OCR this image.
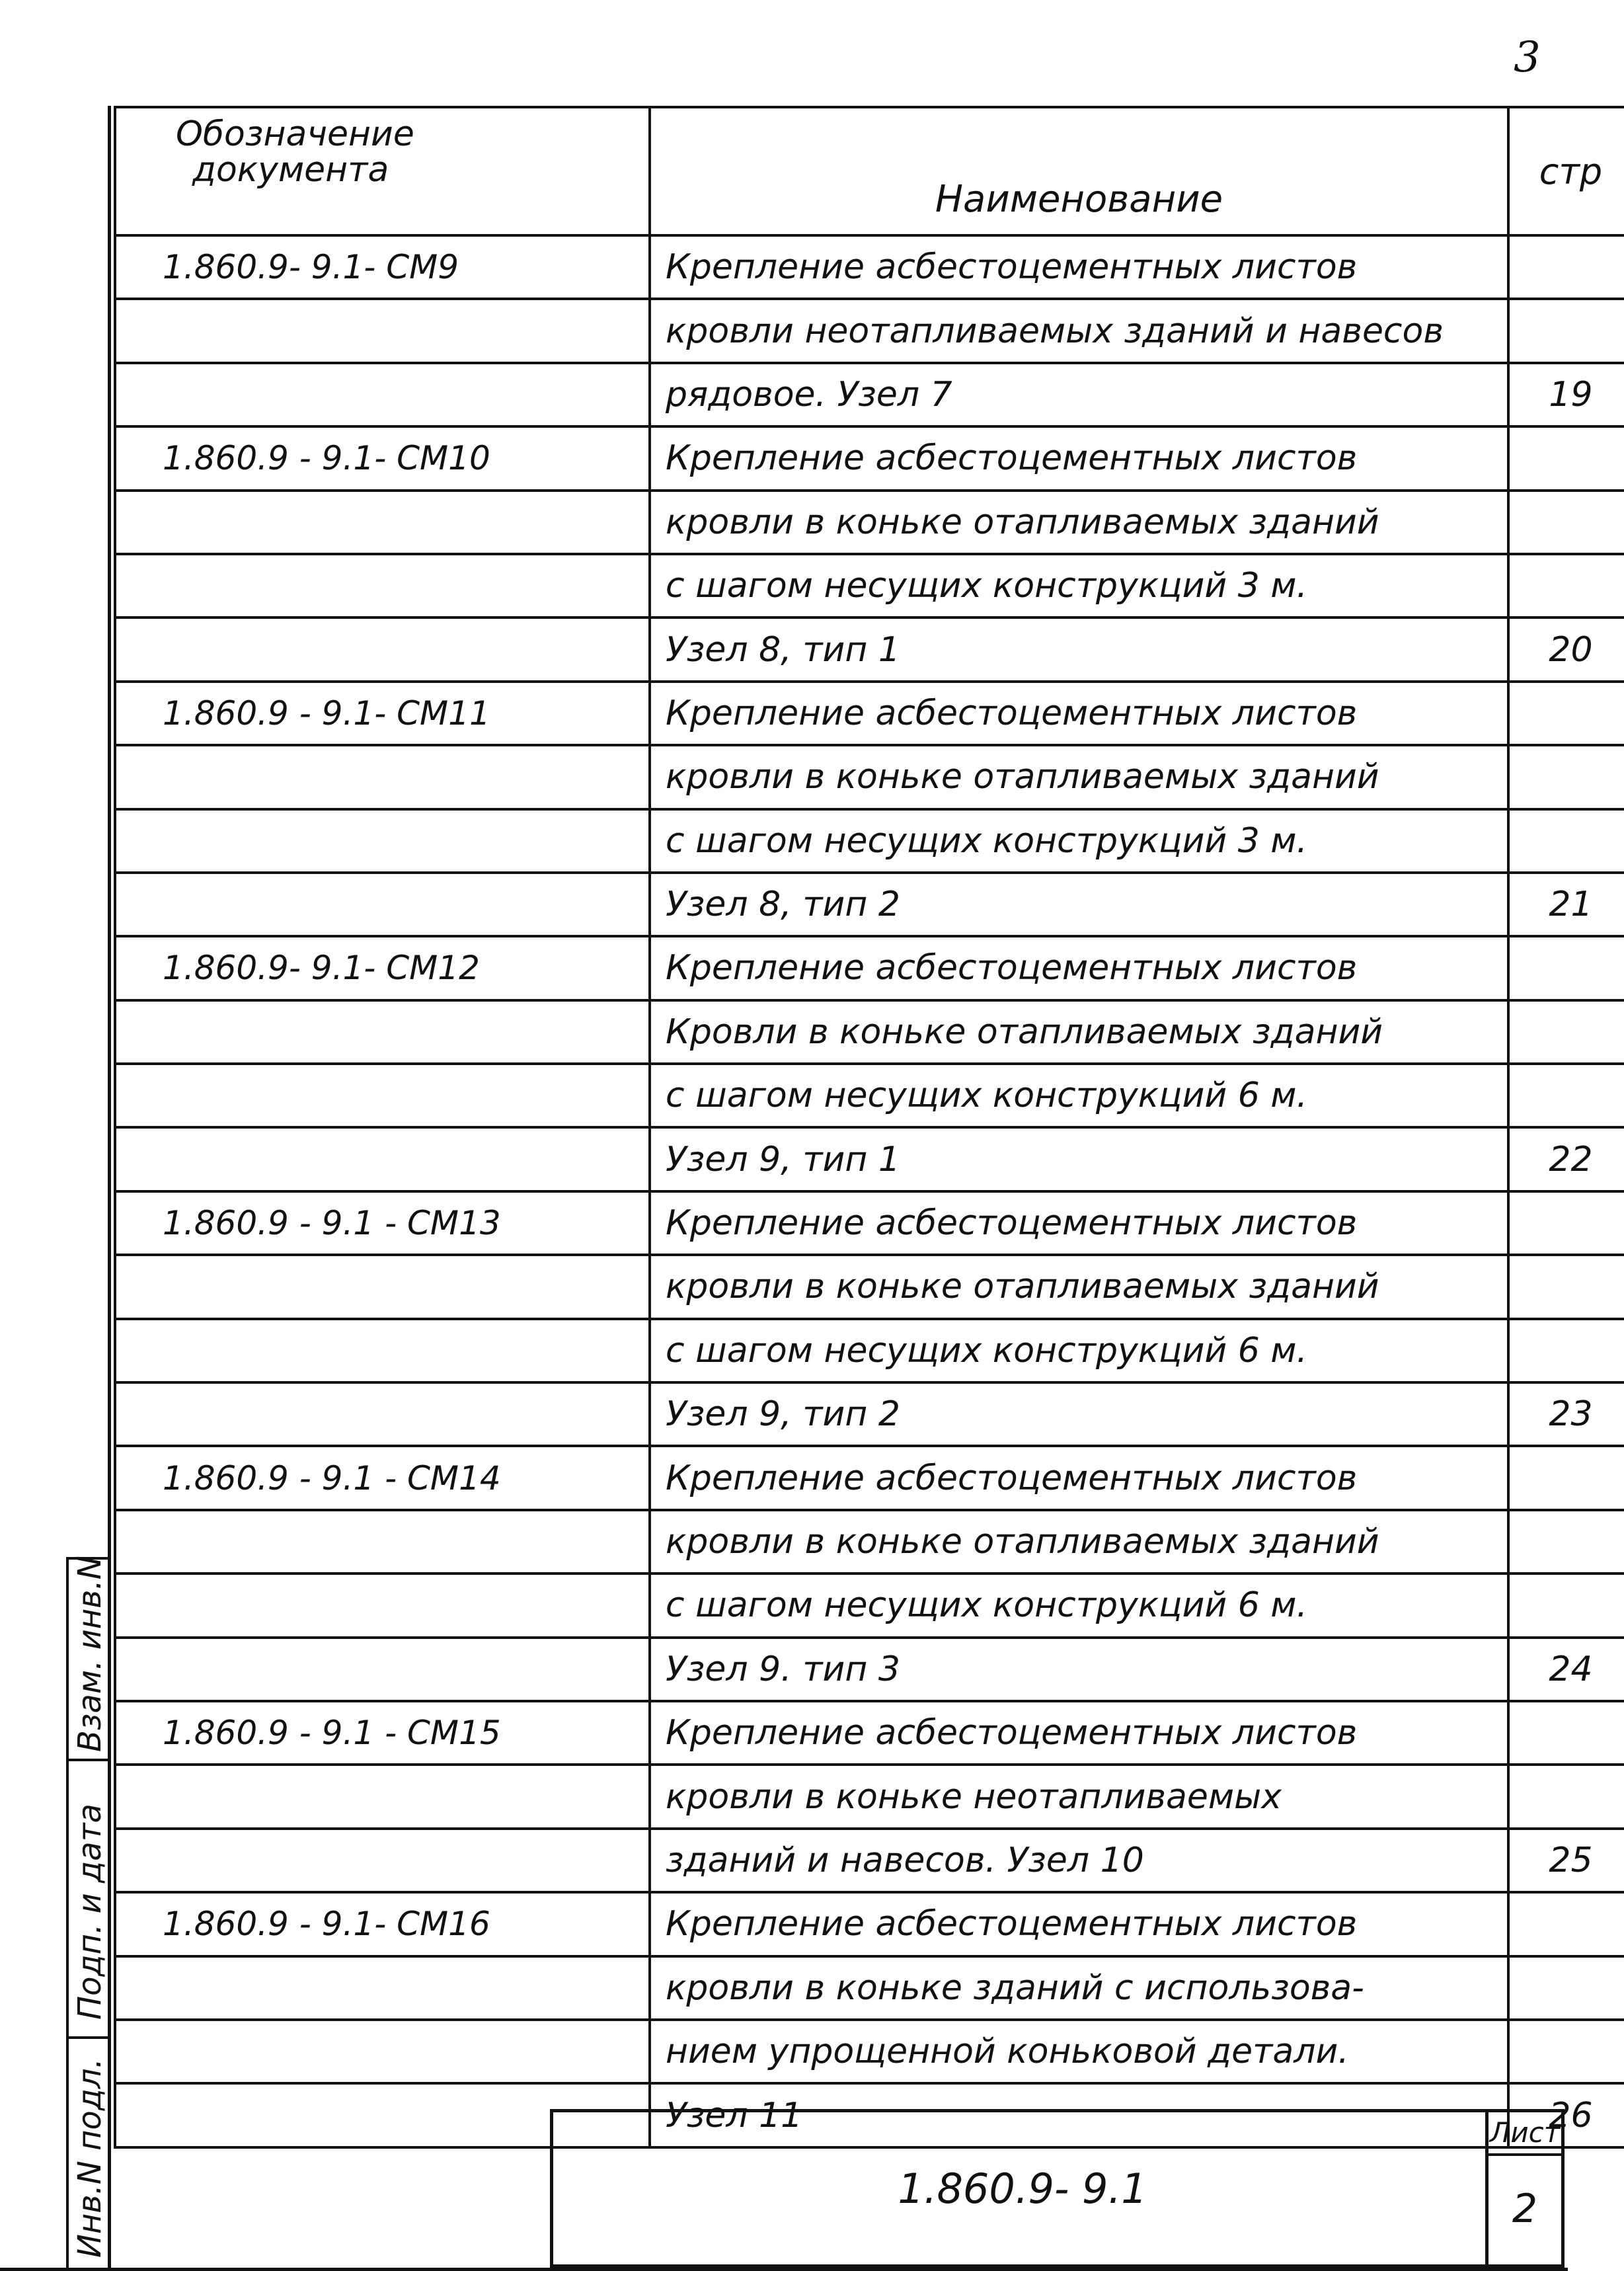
3
Обозначение
документа	Наименование	стр
1.860.9- 9.1- СМ9	Крепление асбестоцементных листов	
	кровли неотапливаемых зданий и навесов	
	рядовое. Узел 7	19
1.860.9 - 9.1- СМ10	Крепление асбестоцементных листов	
	кровли в коньке отапливаемых зданий	
	с шагом несущих конструкций 3 м.	
	Узел 8, тип 1	20
1.860.9 - 9.1- СМ11	Крепление асбестоцементных листов	
	кровли в коньке отапливаемых зданий	
	с шагом несущих конструкций 3 м.	
	Узел 8, тип 2	21
1.860.9- 9.1- СМ12	Крепление асбестоцементных листов	
	Кровли в коньке отапливаемых зданий	
	с шагом несущих конструкций 6 м.	
	Узел 9, тип 1	22
1.860.9 - 9.1 - СМ13	Крепление асбестоцементных листов	
	кровли в коньке отапливаемых зданий	
	с шагом несущих конструкций 6 м.	
	Узел 9, тип 2	23
1.860.9 - 9.1 - СМ14	Крепление асбестоцементных листов	
	кровли в коньке отапливаемых зданий	
	с шагом несущих конструкций 6 м.	
	Узел 9. тип 3	24
1.860.9 - 9.1 - СМ15	Крепление асбестоцементных листов	
	кровли в коньке неотапливаемых	
	зданий и навесов. Узел 10	25
1.860.9 - 9.1- СМ16	Крепление асбестоцементных листов	
	кровли в коньке зданий с использова-	
	нием упрощенной коньковой детали.	
	Узел 11	26
Взам. инв.N
Подп. и дата
Инв.N подл.	1.860.9- 9.1
Лист
2
